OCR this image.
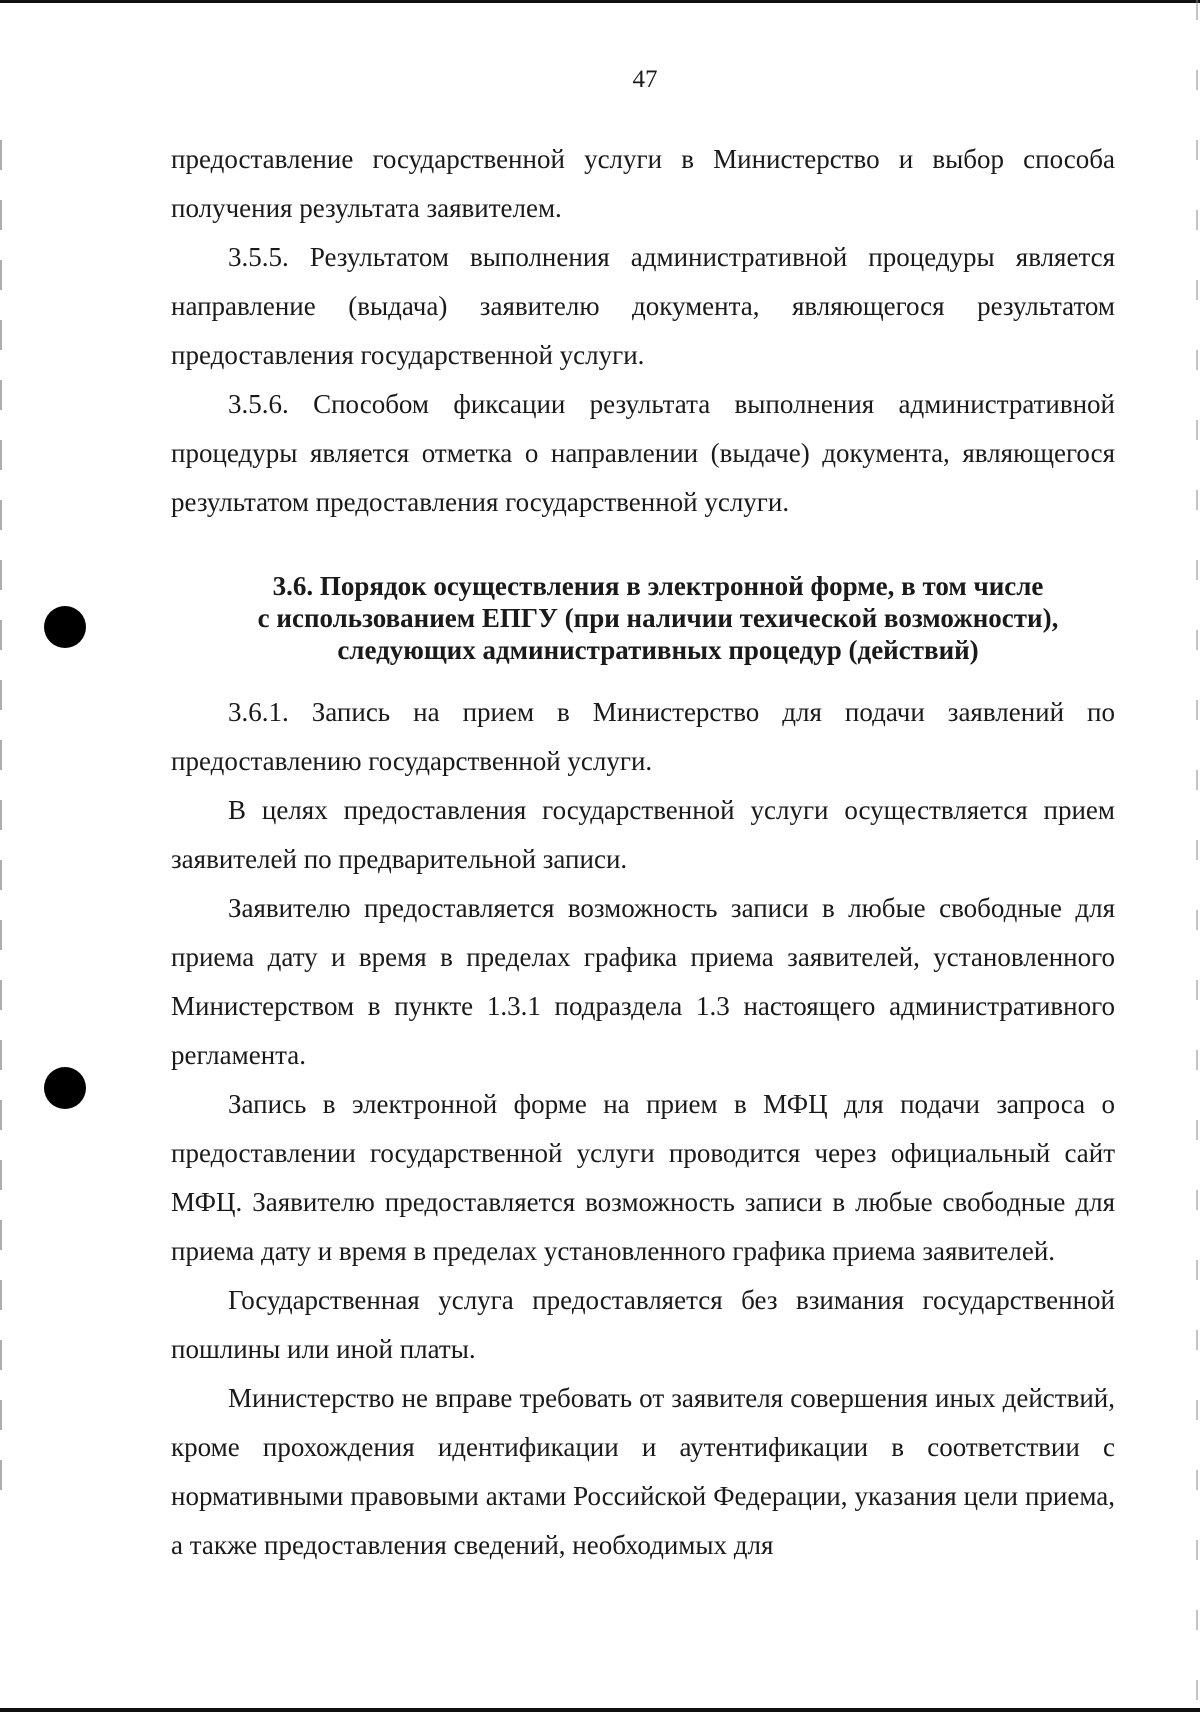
47

предоставление государственной услуги в Министерство и выбор способа получения результата заявителем.

3.5.5. Результатом выполнения административной процедуры является направление (выдача) заявителю документа, являющегося результатом предоставления государственной услуги.

3.5.6. Способом фиксации результата выполнения административной процедуры является отметка о направлении (выдаче) документа, являющегося результатом предоставления государственной услуги.

3.6. Порядок осуществления в электронной форме, в том числе
с использованием ЕПГУ (при наличии техической возможности),
следующих административных процедур (действий)

3.6.1. Запись на прием в Министерство для подачи заявлений по предоставлению государственной услуги.

В целях предоставления государственной услуги осуществляется прием заявителей по предварительной записи.

Заявителю предоставляется возможность записи в любые свободные для приема дату и время в пределах графика приема заявителей, установленного Министерством в пункте 1.3.1 подраздела 1.3 настоящего административного регламента.

Запись в электронной форме на прием в МФЦ для подачи запроса о предоставлении государственной услуги проводится через официальный сайт МФЦ. Заявителю предоставляется возможность записи в любые свободные для приема дату и время в пределах установленного графика приема заявителей.

Государственная услуга предоставляется без взимания государственной пошлины или иной платы.

Министерство не вправе требовать от заявителя совершения иных действий, кроме прохождения идентификации и аутентификации в соответствии с нормативными правовыми актами Российской Федерации, указания цели приема, а также предоставления сведений, необходимых для
